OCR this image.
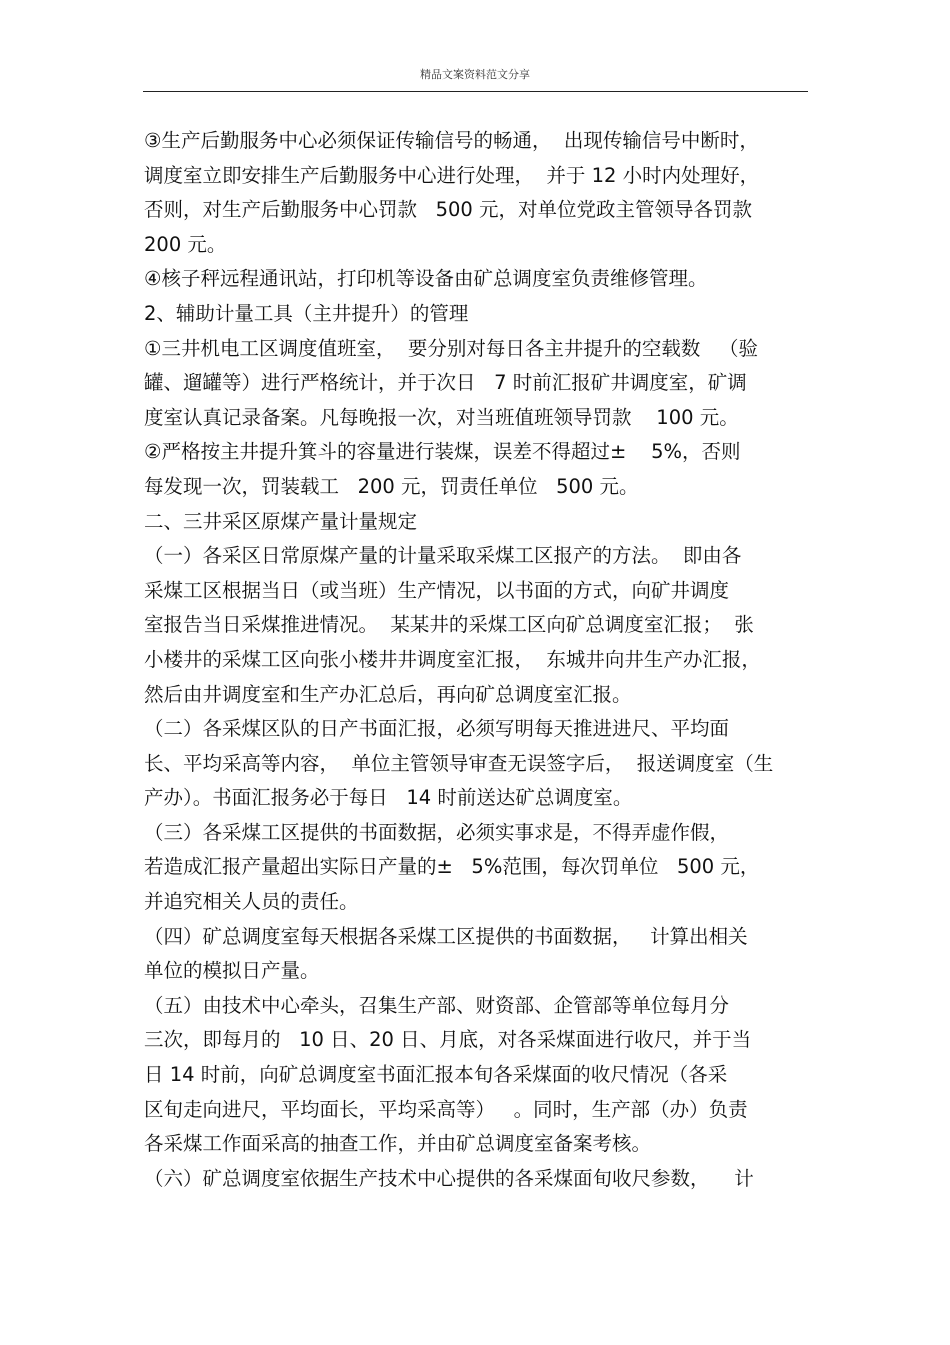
精品文案资料范文分享
③生产后勤服务中心必须保证传输信号的畅通，  出现传输信号中断时，
调度室立即安排生产后勤服务中心进行处理，  并于 12 小时内处理好，
否则，对生产后勤服务中心罚款   500 元，对单位党政主管领导各罚款
200 元。
④核子秤远程通讯站，打印机等设备由矿总调度室负责维修管理。
2、辅助计量工具（主井提升）的管理
①三井机电工区调度值班室，  要分别对每日各主井提升的空载数   （验
罐、遛罐等）进行严格统计，并于次日   7 时前汇报矿井调度室，矿调
度室认真记录备案。凡每晚报一次，对当班值班领导罚款    100 元。
②严格按主井提升箕斗的容量进行装煤，误差不得超过±    5%，否则
每发现一次，罚装载工   200 元，罚责任单位   500 元。
二、三井采区原煤产量计量规定
（一）各采区日常原煤产量的计量采取采煤工区报产的方法。  即由各
采煤工区根据当日（或当班）生产情况，以书面的方式，向矿井调度
室报告当日采煤推进情况。  某某井的采煤工区向矿总调度室汇报；  张
小楼井的采煤工区向张小楼井井调度室汇报，  东城井向井生产办汇报，
然后由井调度室和生产办汇总后，再向矿总调度室汇报。
（二）各采煤区队的日产书面汇报，必须写明每天推进进尺、平均面
长、平均采高等内容，  单位主管领导审查无误签字后，  报送调度室（生
产办）。书面汇报务必于每日   14 时前送达矿总调度室。
（三）各采煤工区提供的书面数据，必须实事求是，不得弄虚作假，
若造成汇报产量超出实际日产量的±   5%范围，每次罚单位   500 元，
并追究相关人员的责任。
（四）矿总调度室每天根据各采煤工区提供的书面数据，   计算出相关
单位的模拟日产量。
（五）由技术中心牵头，召集生产部、财资部、企管部等单位每月分
三次，即每月的   10 日、20 日、月底，对各采煤面进行收尺，并于当
日 14 时前，向矿总调度室书面汇报本旬各采煤面的收尺情况（各采
区旬走向进尺，平均面长，平均采高等）   。同时，生产部（办）负责
各采煤工作面采高的抽查工作，并由矿总调度室备案考核。
（六）矿总调度室依据生产技术中心提供的各采煤面旬收尺参数，    计
